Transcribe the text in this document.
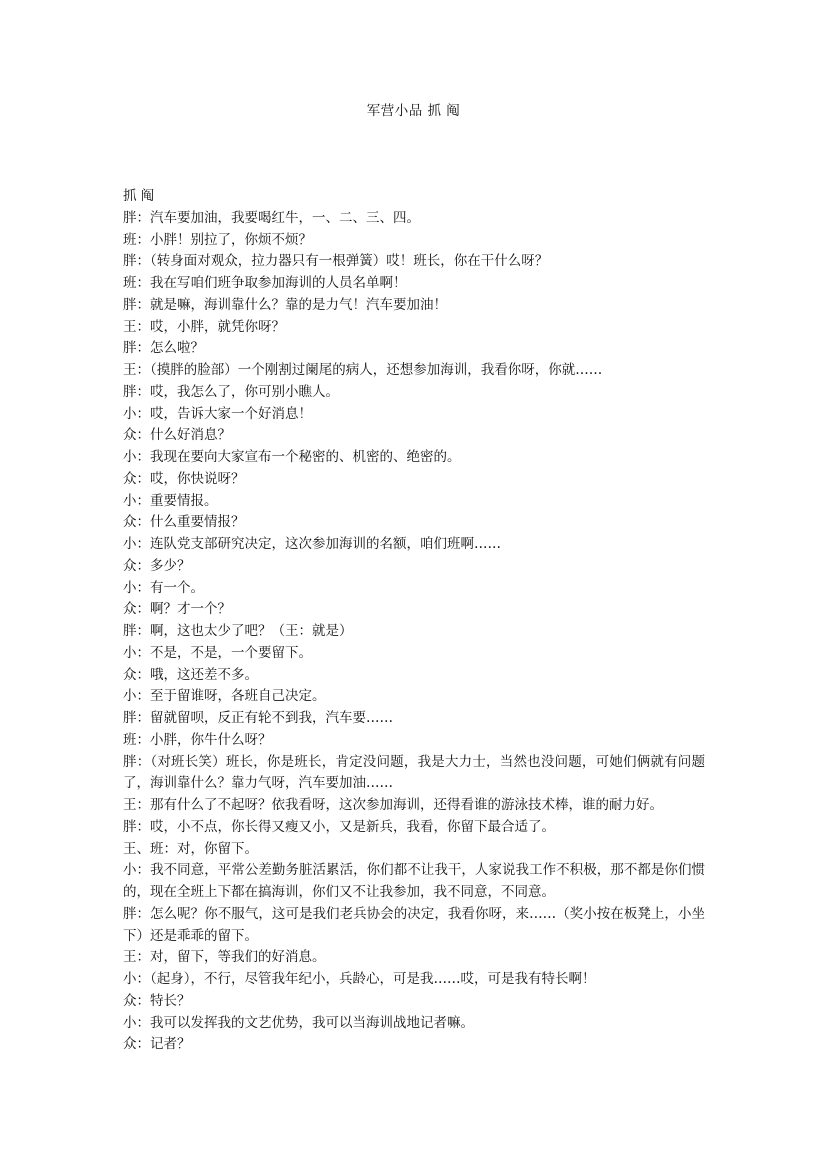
军营小品 抓 阄
抓 阄
胖：汽车要加油，我要喝红牛，一、二、三、四。
班：小胖！别拉了，你烦不烦？
胖：（转身面对观众，拉力器只有一根弹簧）哎！班长，你在干什么呀？
班：我在写咱们班争取参加海训的人员名单啊！
胖：就是嘛，海训靠什么？靠的是力气！汽车要加油！
王：哎，小胖，就凭你呀？
胖：怎么啦？
王：（摸胖的脸部）一个刚割过阑尾的病人，还想参加海训，我看你呀，你就……
胖：哎，我怎么了，你可别小瞧人。
小：哎，告诉大家一个好消息！
众：什么好消息？
小：我现在要向大家宣布一个秘密的、机密的、绝密的。
众：哎，你快说呀？
小：重要情报。
众：什么重要情报？
小：连队党支部研究决定，这次参加海训的名额，咱们班啊……
众：多少？
小：有一个。
众：啊？才一个？
胖：啊，这也太少了吧？（王：就是）
小：不是，不是，一个要留下。
众：哦，这还差不多。
小：至于留谁呀，各班自己决定。
胖：留就留呗，反正有轮不到我，汽车要……
班：小胖，你牛什么呀？
胖：（对班长笑）班长，你是班长，肯定没问题，我是大力士，当然也没问题，可她们俩就有问题了，海训靠什么？靠力气呀，汽车要加油……
王：那有什么了不起呀？依我看呀，这次参加海训，还得看谁的游泳技术棒，谁的耐力好。
胖：哎，小不点，你长得又瘦又小，又是新兵，我看，你留下最合适了。
王、班：对，你留下。
小：我不同意，平常公差勤务脏活累活，你们都不让我干，人家说我工作不积极，那不都是你们惯的，现在全班上下都在搞海训，你们又不让我参加，我不同意，不同意。
胖：怎么呢？你不服气，这可是我们老兵协会的决定，我看你呀，来……（奖小按在板凳上，小坐下）还是乖乖的留下。
王：对，留下，等我们的好消息。
小：（起身），不行，尽管我年纪小，兵龄心，可是我……哎，可是我有特长啊！
众：特长？
小：我可以发挥我的文艺优势，我可以当海训战地记者嘛。
众：记者？
